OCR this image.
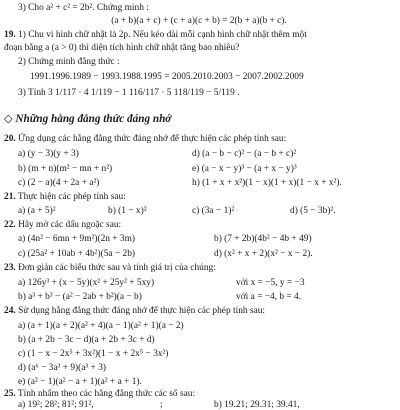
3) Cho a² + c² = 2b². Chứng minh :
(a + b)(a + c) + (c + a)(c + b) = 2(b + a)(b + c).
19. 1) Chu vi hình chữ nhật là 2p. Nếu kéo dài mỗi cạnh hình chữ nhật thêm một
đoạn bằng a (a > 0) thì diện tích hình chữ nhật tăng bao nhiêu?
2) Chứng minh đẳng thức :
1991.1996.1989 − 1993.1988.1995 = 2005.2010.2003 − 2007.2002.2009
3) Tính 3 1/117 · 4 1/119 − 1 116/117 · 5 118/119 − 5/119 .
◇ Những hằng đẳng thức đáng nhớ
20. Ứng dụng các hằng đẳng thức đáng nhớ để thực hiện các phép tính sau:
a) (y − 3)(y + 3)	d) (a − b − c)² − (a − b + c)²
b) (m + n)(m² − mn + n²)	e) (a − x − y)³ − (a + x − y)³
c) (2 − a)(4 + 2a + a²)	h) (1 + x + x²)(1 − x)(1 + x)(1 − x + x²).
21. Thực hiện các phép tính sau:
a) (a + 5)²	b) (1 − x)²	c) (3a − 1)²	d) (5 − 3b)².
22. Hãy mở các dấu ngoặc sau:
a) (4n² − 6mn + 9m²)(2n + 3m)	b) (7 + 2b)(4b² − 4b + 49)
c) (25a² + 10ab + 4b²)(5a − 2b)	d) (x² + x + 2)(x² − x − 2).
23. Đơn giản các biểu thức sau và tính giá trị của chúng:
a) 126y³ + (x − 5y)(x² + 25y² + 5xy)	với x = −5, y = −3
b) a³ + b³ − (a² − 2ab + b²)(a − b)	với a = −4, b = 4.
24. Sử dụng hằng đẳng thức đáng nhớ để thực hiện các phép tính sau:
a) (a + 1)(a + 2)(a² + 4)(a − 1)(a² + 1)(a − 2)
b) (a + 2b − 3c − d)(a + 2b + 3c + d)
c) (1 − x − 2x⁵ + 3x²)(1 − x + 2x⁵ − 3x²)
d) (a⁶ − 3a³ + 9)(a³ + 3)
e) (a² − 1)(a² − a + 1)(a² + a + 1).
25. Tính nhẩm theo các hằng đẳng thức các số sau:
a) 19²; 28²; 81²; 91²,	;	b) 19.21; 29.31; 39.41,
